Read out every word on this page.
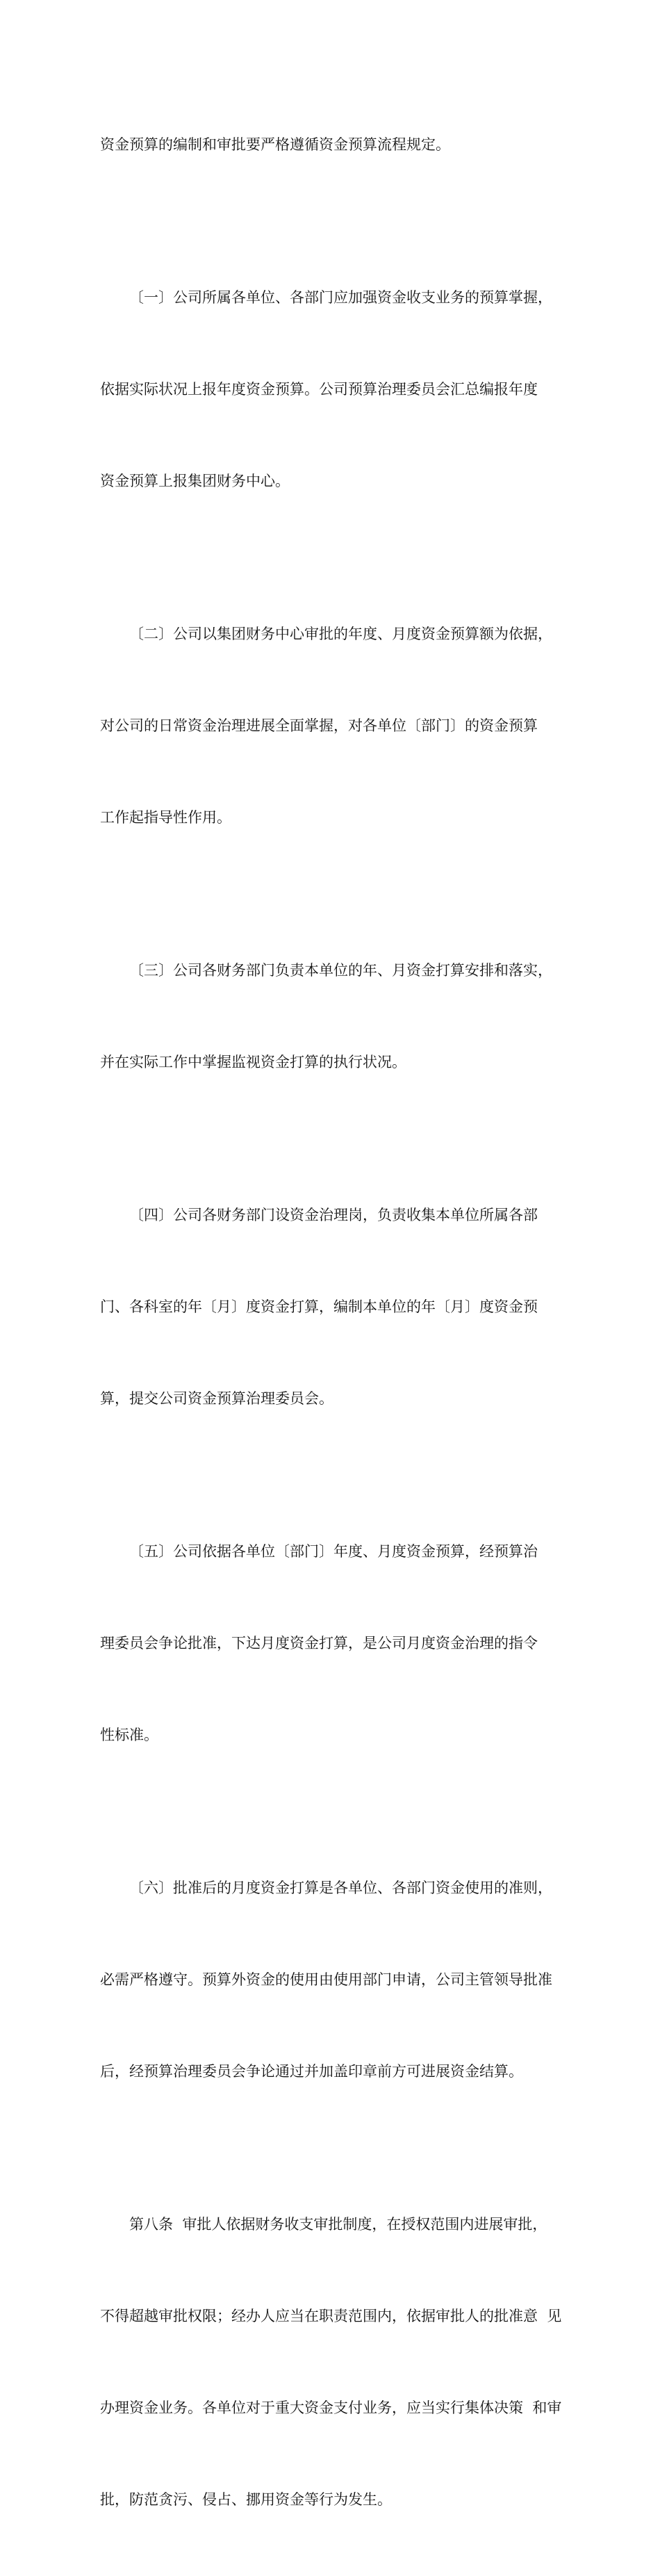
资金预算的编制和审批要严格遵循资金预算流程规定。

〔一〕公司所属各单位、各部门应加强资金收支业务的预算掌握，

依据实际状况上报年度资金预算。公司预算治理委员会汇总编报年度

资金预算上报集团财务中心。

〔二〕公司以集团财务中心审批的年度、月度资金预算额为依据，

对公司的日常资金治理进展全面掌握，对各单位〔部门〕的资金预算

工作起指导性作用。

〔三〕公司各财务部门负责本单位的年、月资金打算安排和落实，

并在实际工作中掌握监视资金打算的执行状况。

〔四〕公司各财务部门设资金治理岗，负责收集本单位所属各部

门、各科室的年〔月〕度资金打算，编制本单位的年〔月〕度资金预

算，提交公司资金预算治理委员会。

〔五〕公司依据各单位〔部门〕年度、月度资金预算，经预算治

理委员会争论批准，下达月度资金打算，是公司月度资金治理的指令

性标准。

〔六〕批准后的月度资金打算是各单位、各部门资金使用的准则，

必需严格遵守。预算外资金的使用由使用部门申请，公司主管领导批准

后，经预算治理委员会争论通过并加盖印章前方可进展资金结算。

第八条  审批人依据财务收支审批制度，在授权范围内进展审批，

不得超越审批权限；经办人应当在职责范围内，依据审批人的批准意  见

办理资金业务。各单位对于重大资金支付业务，应当实行集体决策  和审

批，防范贪污、侵占、挪用资金等行为发生。
